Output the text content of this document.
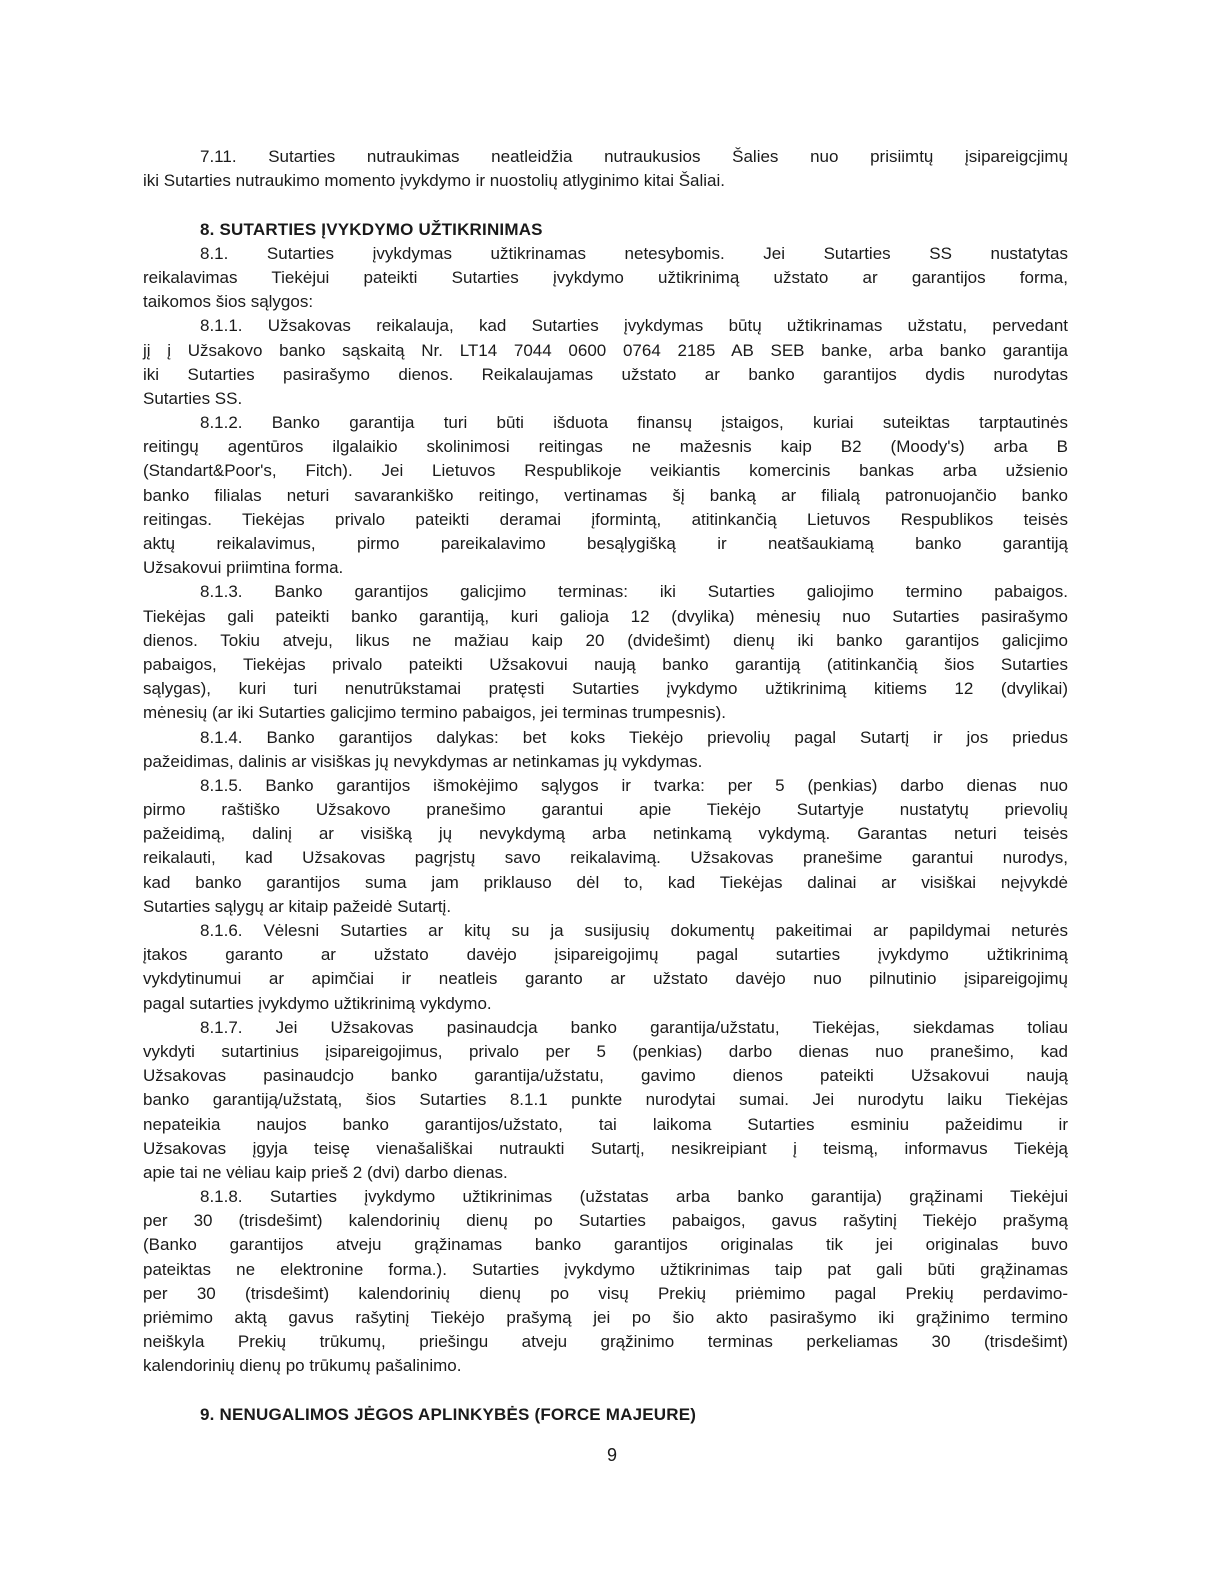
7.11. Sutarties nutraukimas neatleidžia nutraukusios Šalies nuo prisiimtų įsipareigcjimų
iki Sutarties nutraukimo momento įvykdymo ir nuostolių atlyginimo kitai Šaliai.
8. SUTARTIES ĮVYKDYMO UŽTIKRINIMAS
8.1. Sutarties įvykdymas užtikrinamas netesybomis. Jei Sutarties SS nustatytas
reikalavimas Tiekėjui pateikti Sutarties įvykdymo užtikrinimą užstato ar garantijos forma,
taikomos šios sąlygos:
8.1.1. Užsakovas reikalauja, kad Sutarties įvykdymas būtų užtikrinamas užstatu, pervedant
jį į Užsakovo banko sąskaitą Nr. LT14 7044 0600 0764 2185 AB SEB banke, arba banko garantija
iki Sutarties pasirašymo dienos. Reikalaujamas užstato ar banko garantijos dydis nurodytas
Sutarties SS.
8.1.2. Banko garantija turi būti išduota finansų įstaigos, kuriai suteiktas tarptautinės
reitingų agentūros ilgalaikio skolinimosi reitingas ne mažesnis kaip B2 (Moody's) arba B
(Standart&Poor's, Fitch). Jei Lietuvos Respublikoje veikiantis komercinis bankas arba užsienio
banko filialas neturi savarankiško reitingo, vertinamas šį banką ar filialą patronuojančio banko
reitingas. Tiekėjas privalo pateikti deramai įformintą, atitinkančią Lietuvos Respublikos teisės
aktų reikalavimus, pirmo pareikalavimo besąlygišką ir neatšaukiamą banko garantiją
Užsakovui priimtina forma.
8.1.3. Banko garantijos galicjimo terminas: iki Sutarties galiojimo termino pabaigos.
Tiekėjas gali pateikti banko garantiją, kuri galioja 12 (dvylika) mėnesių nuo Sutarties pasirašymo
dienos. Tokiu atveju, likus ne mažiau kaip 20 (dvidešimt) dienų iki banko garantijos galicjimo
pabaigos, Tiekėjas privalo pateikti Užsakovui naują banko garantiją (atitinkančią šios Sutarties
sąlygas), kuri turi nenutrūkstamai pratęsti Sutarties įvykdymo užtikrinimą kitiems 12 (dvylikai)
mėnesių (ar iki Sutarties galicjimo termino pabaigos, jei terminas trumpesnis).
8.1.4. Banko garantijos dalykas: bet koks Tiekėjo prievolių pagal Sutartį ir jos priedus
pažeidimas, dalinis ar visiškas jų nevykdymas ar netinkamas jų vykdymas.
8.1.5. Banko garantijos išmokėjimo sąlygos ir tvarka: per 5 (penkias) darbo dienas nuo
pirmo raštiško Užsakovo pranešimo garantui apie Tiekėjo Sutartyje nustatytų prievolių
pažeidimą, dalinį ar visišką jų nevykdymą arba netinkamą vykdymą. Garantas neturi teisės
reikalauti, kad Užsakovas pagrįstų savo reikalavimą. Užsakovas pranešime garantui nurodys,
kad banko garantijos suma jam priklauso dėl to, kad Tiekėjas dalinai ar visiškai neįvykdė
Sutarties sąlygų ar kitaip pažeidė Sutartį.
8.1.6. Vėlesni Sutarties ar kitų su ja susijusių dokumentų pakeitimai ar papildymai neturės
įtakos garanto ar užstato davėjo įsipareigojimų pagal sutarties įvykdymo užtikrinimą
vykdytinumui ar apimčiai ir neatleis garanto ar užstato davėjo nuo pilnutinio įsipareigojimų
pagal sutarties įvykdymo užtikrinimą vykdymo.
8.1.7. Jei Užsakovas pasinaudcja banko garantija/užstatu, Tiekėjas, siekdamas toliau
vykdyti sutartinius įsipareigojimus, privalo per 5 (penkias) darbo dienas nuo pranešimo, kad
Užsakovas pasinaudcjo banko garantija/užstatu, gavimo dienos pateikti Užsakovui naują
banko garantiją/užstatą, šios Sutarties 8.1.1 punkte nurodytai sumai. Jei nurodytu laiku Tiekėjas
nepateikia naujos banko garantijos/užstato, tai laikoma Sutarties esminiu pažeidimu ir
Užsakovas įgyja teisę vienašališkai nutraukti Sutartį, nesikreipiant į teismą, informavus Tiekėją
apie tai ne vėliau kaip prieš 2 (dvi) darbo dienas.
8.1.8. Sutarties įvykdymo užtikrinimas (užstatas arba banko garantija) grąžinami Tiekėjui
per 30 (trisdešimt) kalendorinių dienų po Sutarties pabaigos, gavus rašytinį Tiekėjo prašymą
(Banko garantijos atveju grąžinamas banko garantijos originalas tik jei originalas buvo
pateiktas ne elektronine forma.). Sutarties įvykdymo užtikrinimas taip pat gali būti grąžinamas
per 30 (trisdešimt) kalendorinių dienų po visų Prekių priėmimo pagal Prekių perdavimo-
priėmimo aktą gavus rašytinį Tiekėjo prašymą jei po šio akto pasirašymo iki grąžinimo termino
neiškyla Prekių trūkumų, priešingu atveju grąžinimo terminas perkeliamas 30 (trisdešimt)
kalendorinių dienų po trūkumų pašalinimo.
9. NENUGALIMOS JĖGOS APLINKYBĖS (FORCE MAJEURE)
9
